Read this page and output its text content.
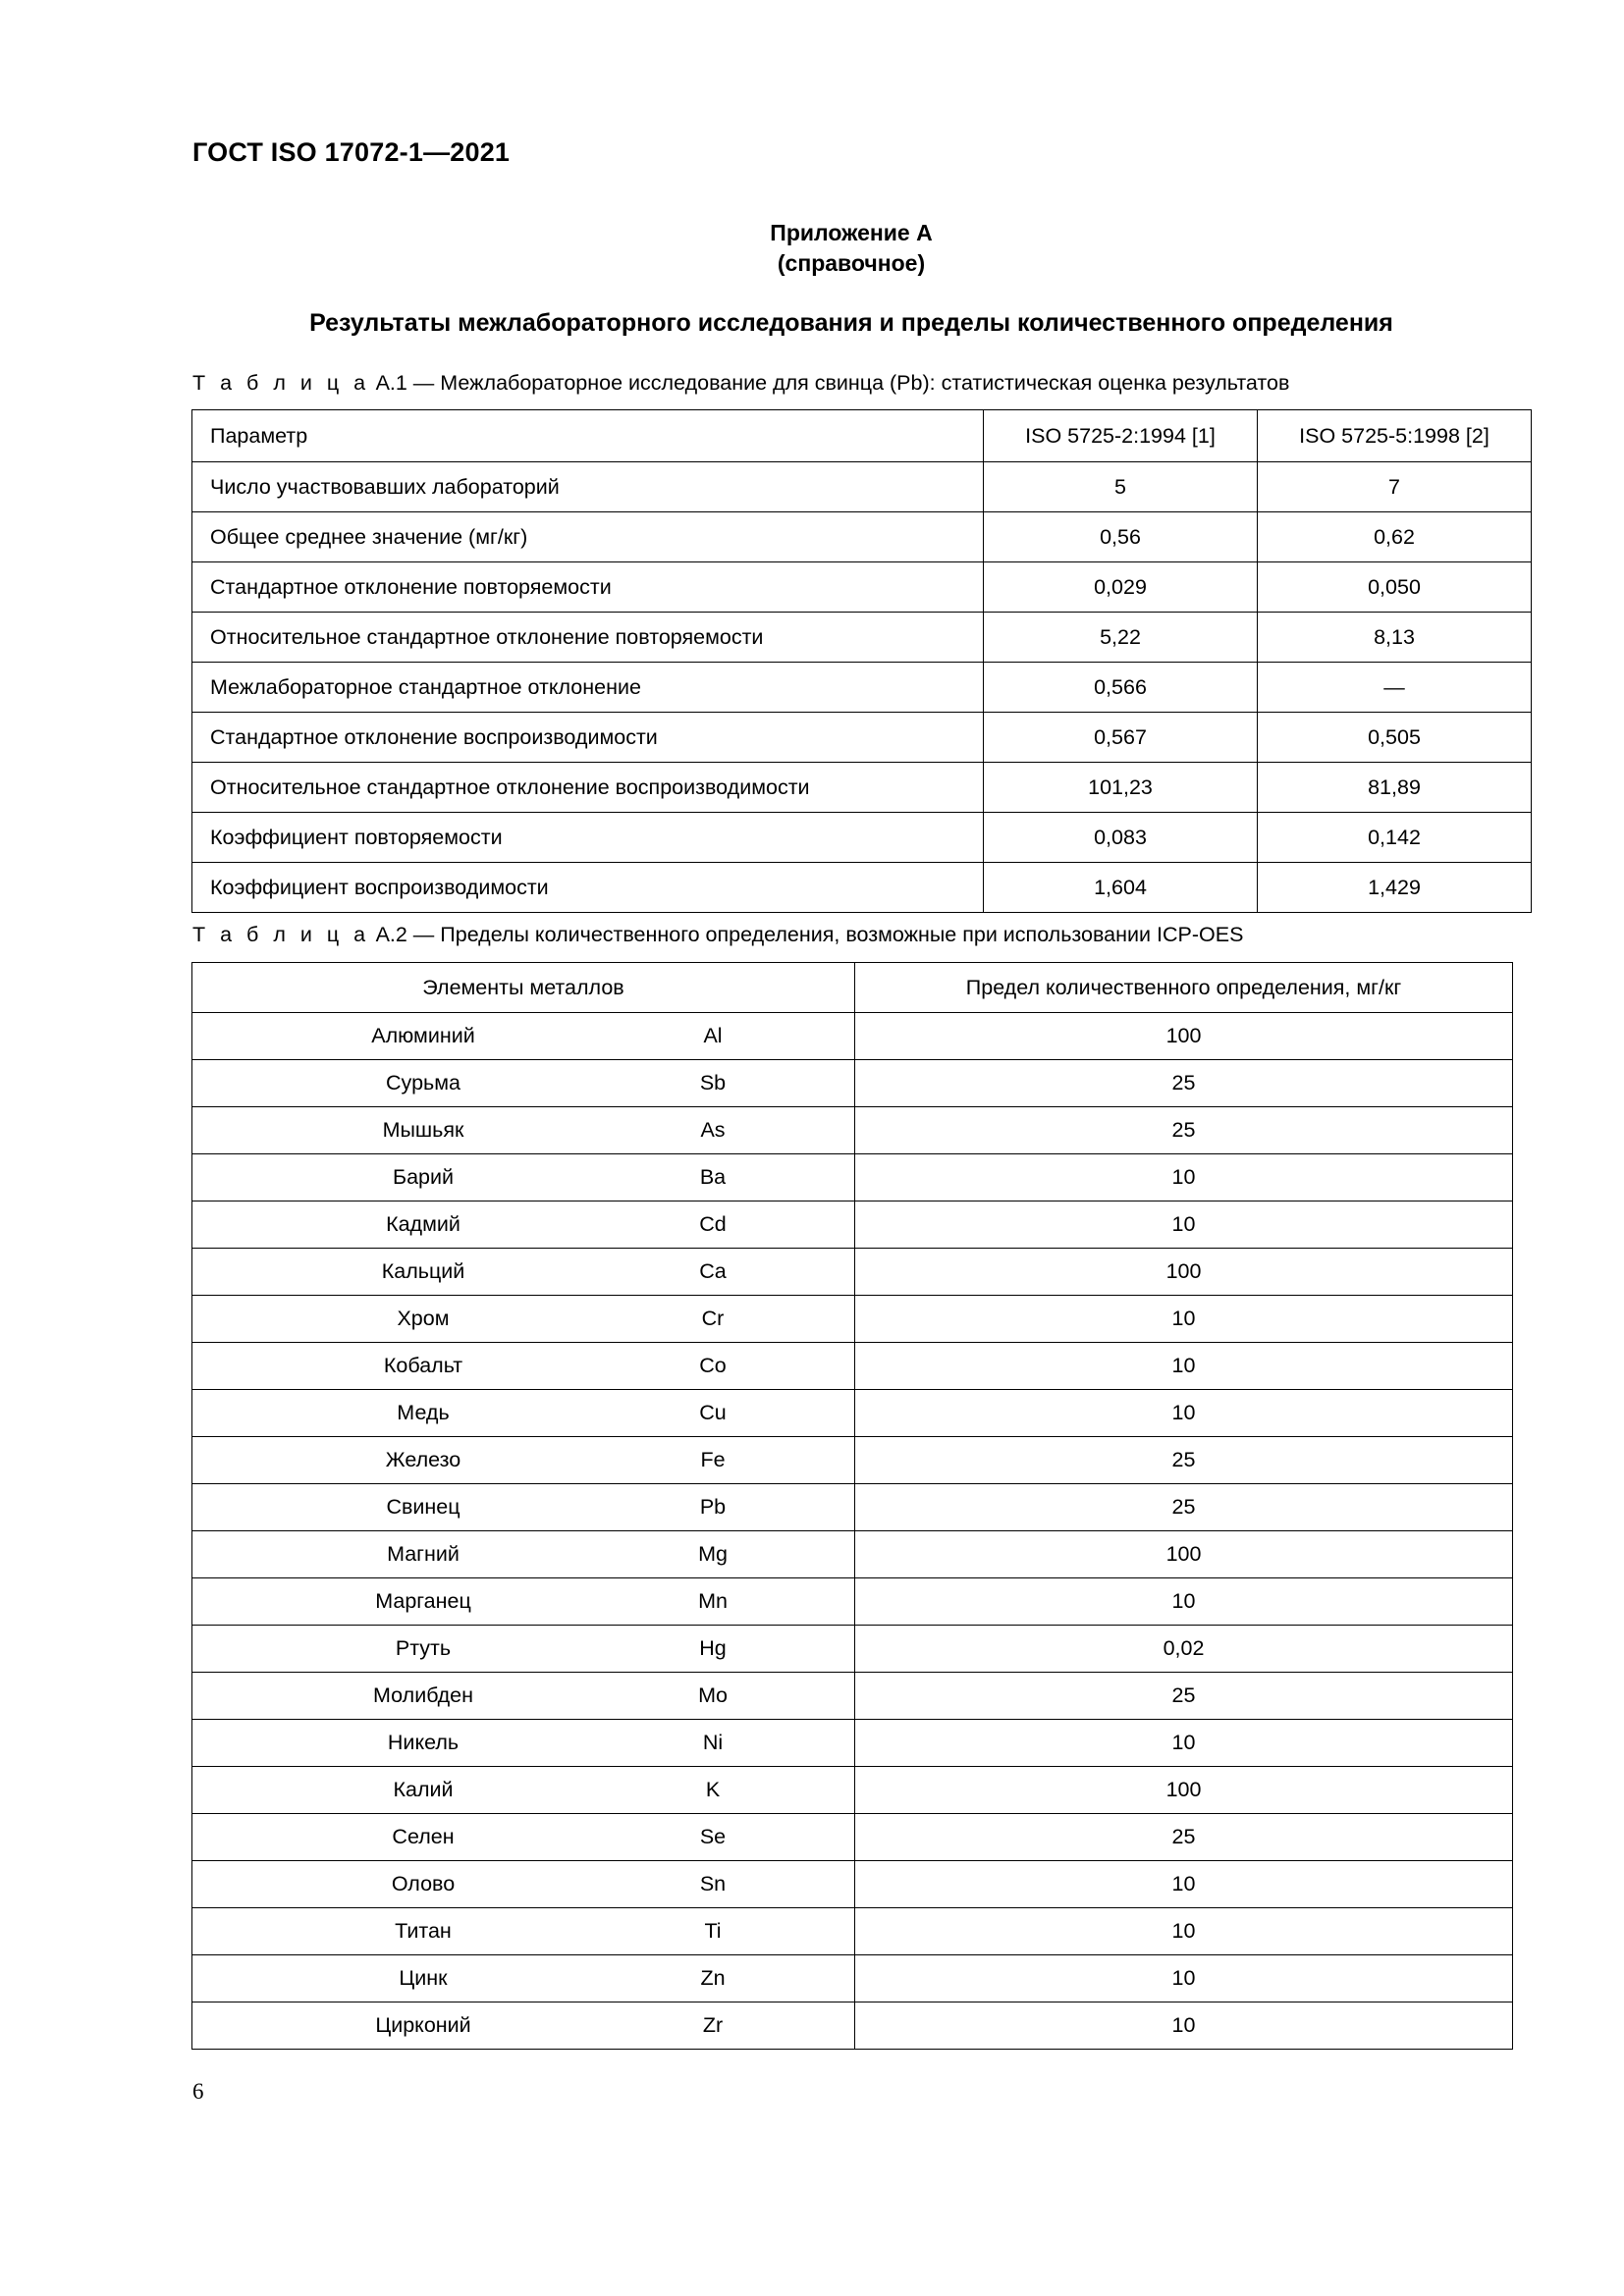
ГОСТ ISO 17072-1—2021
Приложение А
(справочное)
Результаты межлабораторного исследования и пределы количественного определения
Т а б л и ц а А.1 — Межлабораторное исследование для свинца (Pb): статистическая оценка результатов
Параметр	ISO 5725-2:1994 [1]	ISO 5725-5:1998 [2]
Число участвовавших лабораторий	5	7
Общее среднее значение (мг/кг)	0,56	0,62
Стандартное отклонение повторяемости	0,029	0,050
Относительное стандартное отклонение повторяемости	5,22	8,13
Межлабораторное стандартное отклонение	0,566	—
Стандартное отклонение воспроизводимости	0,567	0,505
Относительное стандартное отклонение воспроизводимости	101,23	81,89
Коэффициент повторяемости	0,083	0,142
Коэффициент воспроизводимости	1,604	1,429
Т а б л и ц а А.2 — Пределы количественного определения, возможные при использовании ICP-OES
Элементы металлов	Предел количественного определения, мг/кг

Алюминий Al	100

Сурьма Sb	25

Мышьяк As	25

Барий Ba	10

Кадмий Cd	10

Кальций Ca	100

Хром Cr	10

Кобальт Co	10

Медь Cu	10

Железо Fe	25

Свинец Pb	25

Магний Mg	100

Марганец Mn	10

Ртуть Hg	0,02

Молибден Mo	25

Никель Ni	10

Калий K	100

Селен Se	25

Олово Sn	10

Титан Ti	10

Цинк Zn	10

Цирконий Zr	10
6
